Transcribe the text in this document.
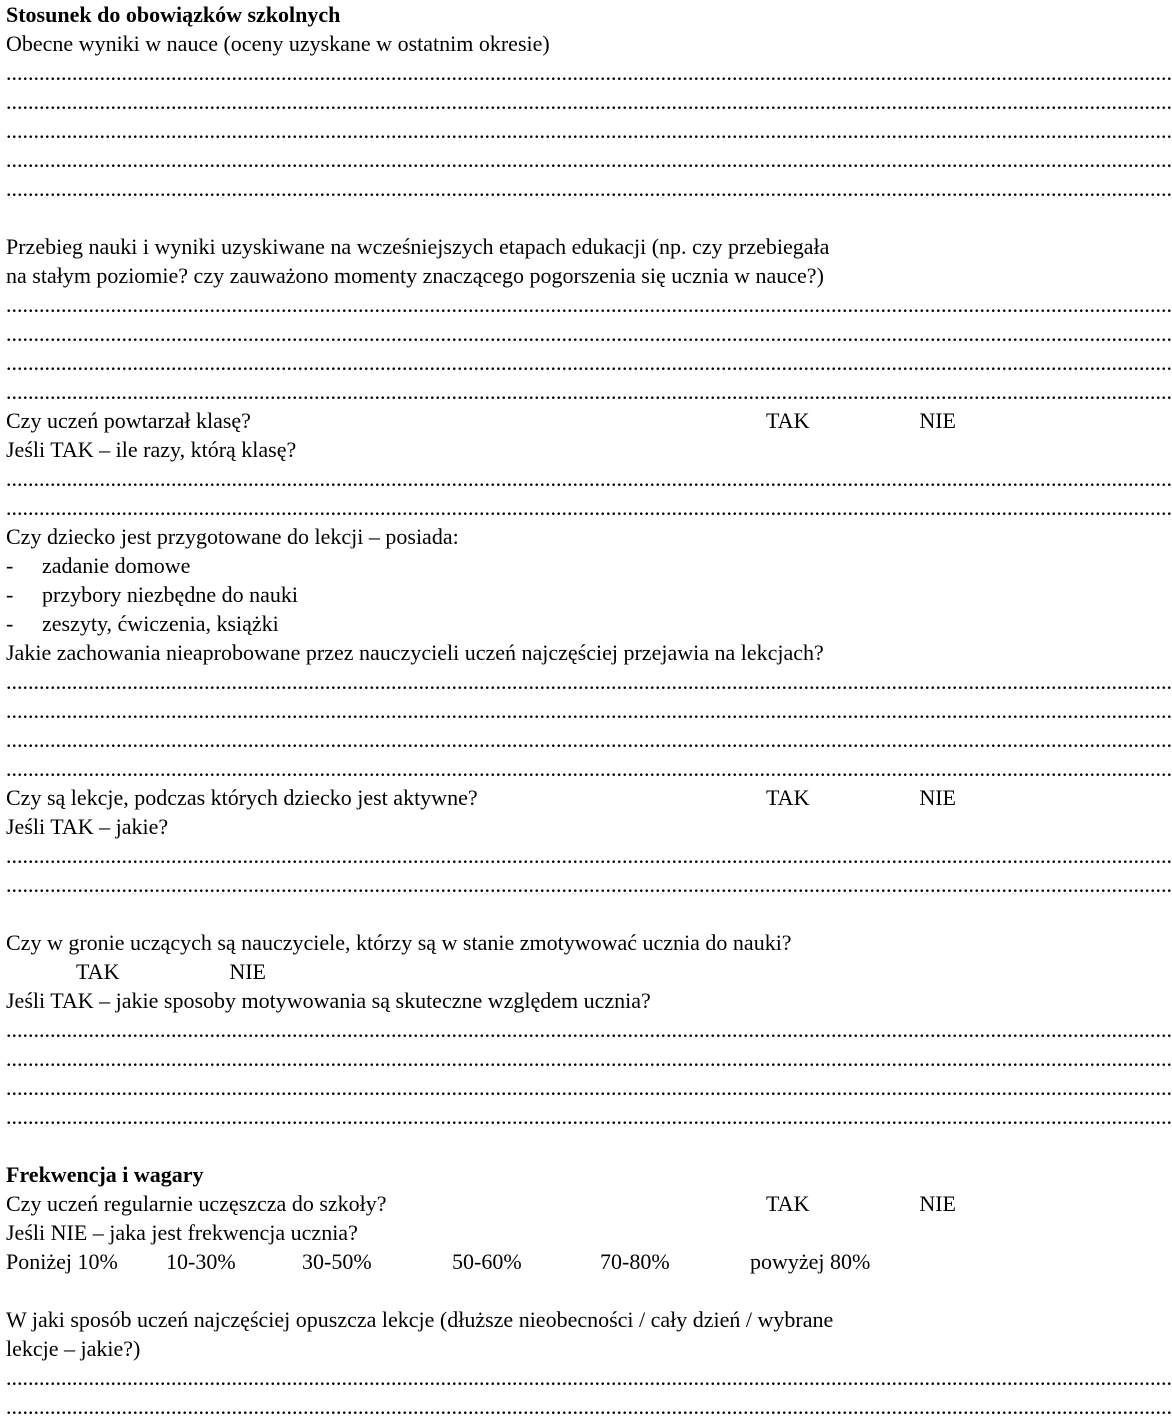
Stosunek do obowiązków szkolnych
Obecne wyniki w nauce (oceny uzyskane w ostatnim okresie)
....................................................................................................................................................................................................................
....................................................................................................................................................................................................................
....................................................................................................................................................................................................................
....................................................................................................................................................................................................................
....................................................................................................................................................................................................................
Przebieg nauki i wyniki uzyskiwane na wcześniejszych etapach edukacji (np. czy przebiegała
na stałym poziomie? czy zauważono momenty znaczącego pogorszenia się ucznia w nauce?)
....................................................................................................................................................................................................................
....................................................................................................................................................................................................................
....................................................................................................................................................................................................................
....................................................................................................................................................................................................................
Czy uczeń powtarzał klasę?	TAK	NIE
Jeśli TAK – ile razy, którą klasę?
....................................................................................................................................................................................................................
....................................................................................................................................................................................................................
Czy dziecko jest przygotowane do lekcji – posiada:
- zadanie domowe
- przybory niezbędne do nauki
- zeszyty, ćwiczenia, książki
Jakie zachowania nieaprobowane przez nauczycieli uczeń najczęściej przejawia na lekcjach?
....................................................................................................................................................................................................................
....................................................................................................................................................................................................................
....................................................................................................................................................................................................................
....................................................................................................................................................................................................................
Czy są lekcje, podczas których dziecko jest aktywne?	TAK	NIE
Jeśli TAK – jakie?
....................................................................................................................................................................................................................
....................................................................................................................................................................................................................
Czy w gronie uczących są nauczyciele, którzy są w stanie zmotywować ucznia do nauki?
TAK	NIE
Jeśli TAK – jakie sposoby motywowania są skuteczne względem ucznia?
....................................................................................................................................................................................................................
....................................................................................................................................................................................................................
....................................................................................................................................................................................................................
....................................................................................................................................................................................................................
Frekwencja i wagary
Czy uczeń regularnie uczęszcza do szkoły?	TAK	NIE
Jeśli NIE – jaka jest frekwencja ucznia?
Poniżej 10%	10-30%	30-50%	50-60%	70-80%	powyżej 80%
W jaki sposób uczeń najczęściej opuszcza lekcje (dłuższe nieobecności / cały dzień / wybrane
lekcje – jakie?)
....................................................................................................................................................................................................................
....................................................................................................................................................................................................................
